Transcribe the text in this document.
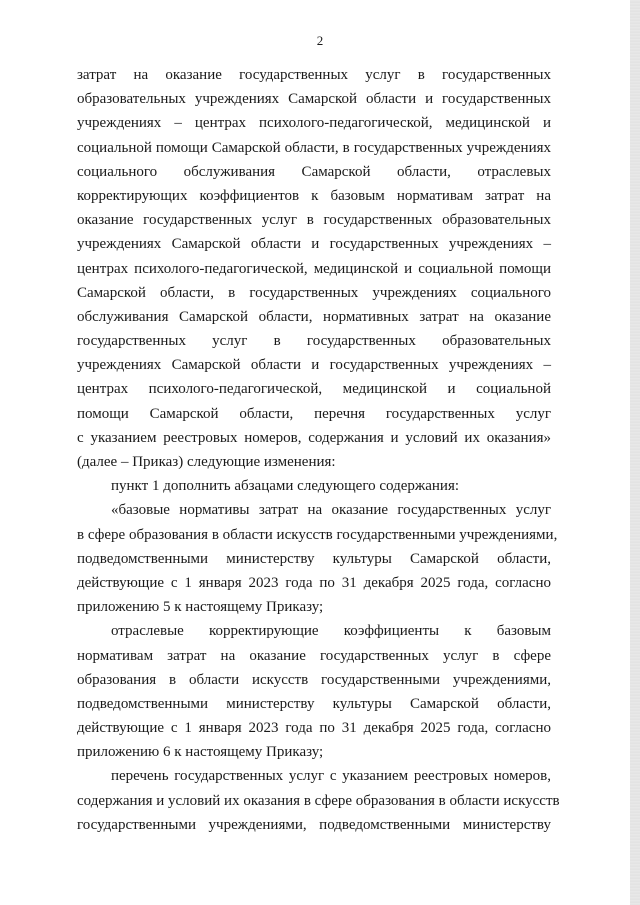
2
затрат на оказание государственных услуг в государственных
образовательных учреждениях Самарской области и государственных
учреждениях – центрах психолого-педагогической, медицинской и
социальной помощи Самарской области, в государственных учреждениях
социального обслуживания Самарской области, отраслевых
корректирующих коэффициентов к базовым нормативам затрат на
оказание государственных услуг в государственных образовательных
учреждениях Самарской области и государственных учреждениях –
центрах психолого-педагогической, медицинской и социальной помощи
Самарской области, в государственных учреждениях социального
обслуживания Самарской области, нормативных затрат на оказание
государственных услуг в государственных образовательных
учреждениях Самарской области и государственных учреждениях –
центрах психолого-педагогической, медицинской и социальной
помощи Самарской области, перечня государственных услуг
с указанием реестровых номеров, содержания и условий их оказания»
(далее – Приказ) следующие изменения:
пункт 1 дополнить абзацами следующего содержания:
«базовые нормативы затрат на оказание государственных услуг
в сфере образования в области искусств государственными учреждениями,
подведомственными министерству культуры Самарской области,
действующие с 1 января 2023 года по 31 декабря 2025 года, согласно
приложению 5 к настоящему Приказу;
отраслевые корректирующие коэффициенты к базовым
нормативам затрат на оказание государственных услуг в сфере
образования в области искусств государственными учреждениями,
подведомственными министерству культуры Самарской области,
действующие с 1 января 2023 года по 31 декабря 2025 года, согласно
приложению 6 к настоящему Приказу;
перечень государственных услуг с указанием реестровых номеров,
содержания и условий их оказания в сфере образования в области искусств
государственными учреждениями, подведомственными министерству
